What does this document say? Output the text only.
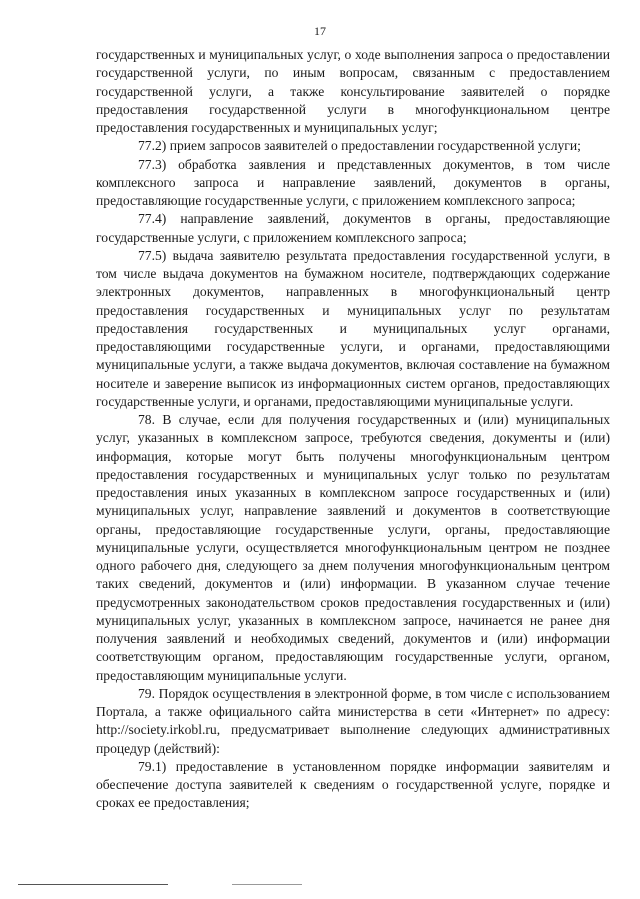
17

государственных и муниципальных услуг, о ходе выполнения запроса о предоставлении государственной услуги, по иным вопросам, связанным с предоставлением государственной услуги, а также консультирование заявителей о порядке предоставления государственной услуги в многофункциональном центре предоставления государственных и муниципальных услуг;

77.2) прием запросов заявителей о предоставлении государственной услуги;

77.3) обработка заявления и представленных документов, в том числе комплексного запроса и направление заявлений, документов в органы, предоставляющие государственные услуги, с приложением комплексного запроса;

77.4) направление заявлений, документов в органы, предоставляющие государственные услуги, с приложением комплексного запроса;

77.5) выдача заявителю результата предоставления государственной услуги, в том числе выдача документов на бумажном носителе, подтверждающих содержание электронных документов, направленных в многофункциональный центр предоставления государственных и муниципальных услуг по результатам предоставления государственных и муниципальных услуг органами, предоставляющими государственные услуги, и органами, предоставляющими муниципальные услуги, а также выдача документов, включая составление на бумажном носителе и заверение выписок из информационных систем органов, предоставляющих государственные услуги, и органами, предоставляющими муниципальные услуги.

78. В случае, если для получения государственных и (или) муниципальных услуг, указанных в комплексном запросе, требуются сведения, документы и (или) информация, которые могут быть получены многофункциональным центром предоставления государственных и муниципальных услуг только по результатам предоставления иных указанных в комплексном запросе государственных и (или) муниципальных услуг, направление заявлений и документов в соответствующие органы, предоставляющие государственные услуги, органы, предоставляющие муниципальные услуги, осуществляется многофункциональным центром не позднее одного рабочего дня, следующего за днем получения многофункциональным центром таких сведений, документов и (или) информации. В указанном случае течение предусмотренных законодательством сроков предоставления государственных и (или) муниципальных услуг, указанных в комплексном запросе, начинается не ранее дня получения заявлений и необходимых сведений, документов и (или) информации соответствующим органом, предоставляющим государственные услуги, органом, предоставляющим муниципальные услуги.

79. Порядок осуществления в электронной форме, в том числе с использованием Портала, а также официального сайта министерства в сети «Интернет» по адресу: http://society.irkobl.ru, предусматривает выполнение следующих административных процедур (действий):

79.1) предоставление в установленном порядке информации заявителям и обеспечение доступа заявителей к сведениям о государственной услуге, порядке и сроках ее предоставления;
